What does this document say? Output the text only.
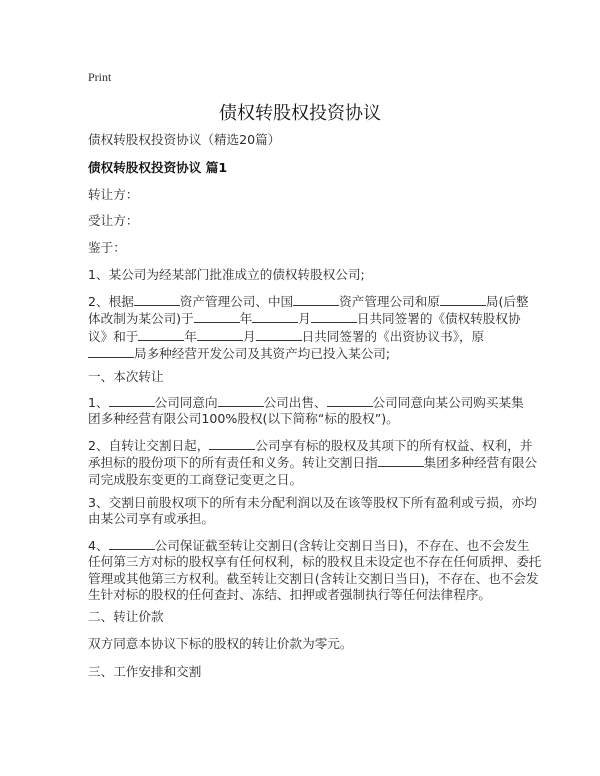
Print
债权转股权投资协议
债权转股权投资协议（精选20篇）
债权转股权投资协议 篇1
转让方：
受让方：
鉴于：
1、某公司为经某部门批准成立的债权转股权公司;
2、根据	资产管理公司、中国	资产管理公司和原	局(后整
体改制为某公司)于	年	月	日共同签署的《债权转股权协
议》和于	年	月	日共同签署的《出资协议书》，原
局多种经营开发公司及其资产均已投入某公司;
一、本次转让
1、	公司同意向	公司出售、	公司同意向某公司购买某集
团多种经营有限公司100%股权(以下简称“标的股权”)。
2、自转让交割日起，	公司享有标的股权及其项下的所有权益、权利，并
承担标的股份项下的所有责任和义务。转让交割日指	集团多种经营有限公
司完成股东变更的工商登记变更之日。
3、交割日前股权项下的所有未分配利润以及在该等股权下所有盈利或亏损，亦均
由某公司享有或承担。
4、	公司保证截至转让交割日(含转让交割日当日)，不存在、也不会发生
任何第三方对标的股权享有任何权利，标的股权且未设定也不存在任何质押、委托
管理或其他第三方权利。截至转让交割日(含转让交割日当日)，不存在、也不会发
生针对标的股权的任何查封、冻结、扣押或者强制执行等任何法律程序。
二、转让价款
双方同意本协议下标的股权的转让价款为零元。
三、工作安排和交割
